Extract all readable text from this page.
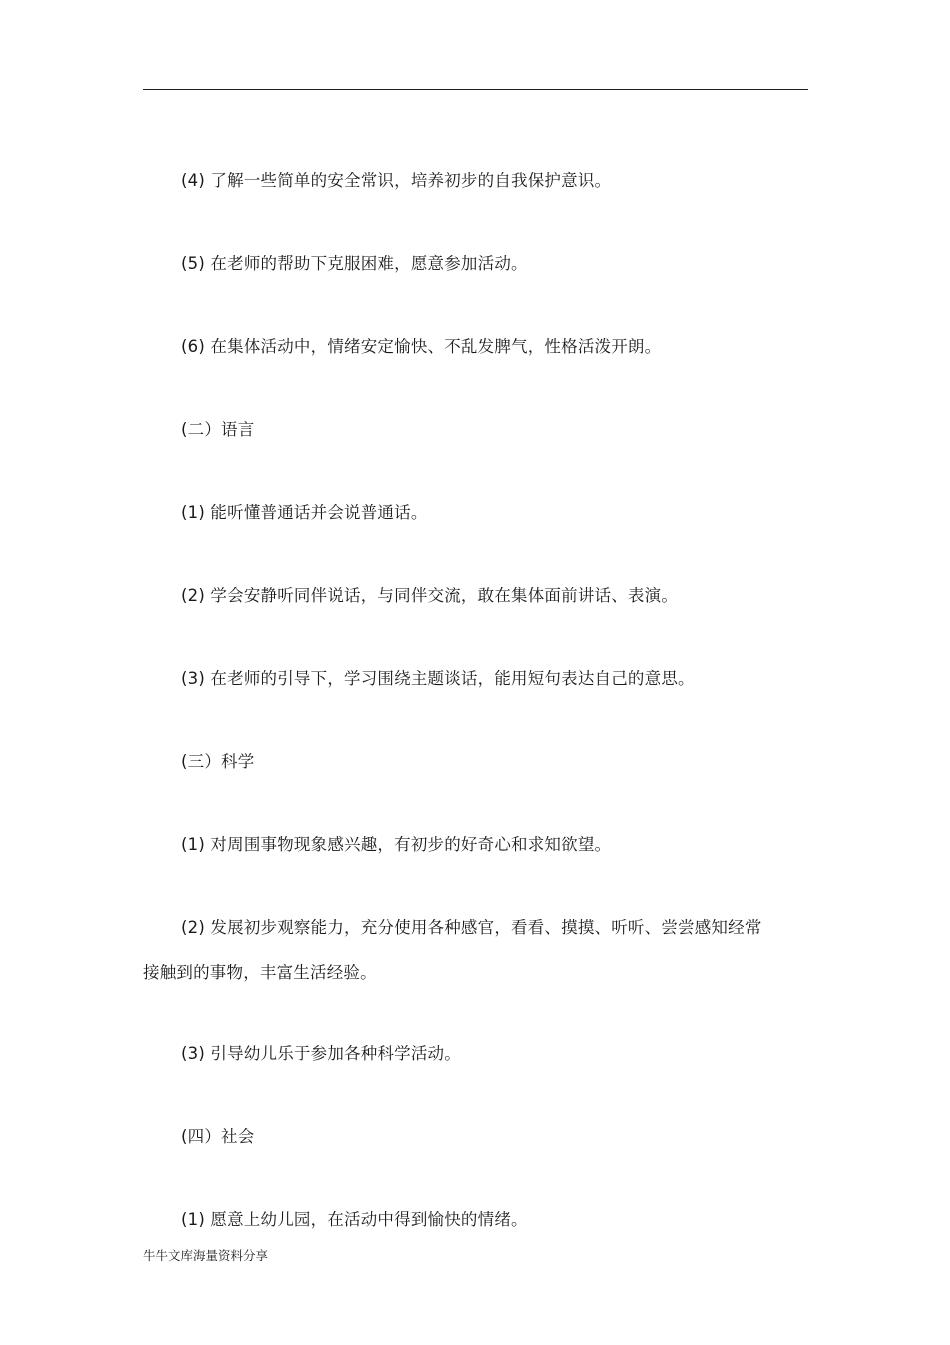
(4) 了解一些简单的安全常识，培养初步的自我保护意识。
(5) 在老师的帮助下克服困难，愿意参加活动。
(6) 在集体活动中，情绪安定愉快、不乱发脾气，性格活泼开朗。
(二）语言
(1) 能听懂普通话并会说普通话。
(2) 学会安静听同伴说话，与同伴交流，敢在集体面前讲话、表演。
(3) 在老师的引导下，学习围绕主题谈话，能用短句表达自己的意思。
(三）科学
(1) 对周围事物现象感兴趣，有初步的好奇心和求知欲望。
(2) 发展初步观察能力，充分使用各种感官，看看、摸摸、听听、尝尝感知经常接触到的事物，丰富生活经验。
(3) 引导幼儿乐于参加各种科学活动。
(四）社会
(1) 愿意上幼儿园，在活动中得到愉快的情绪。
牛牛文库海量资料分享
